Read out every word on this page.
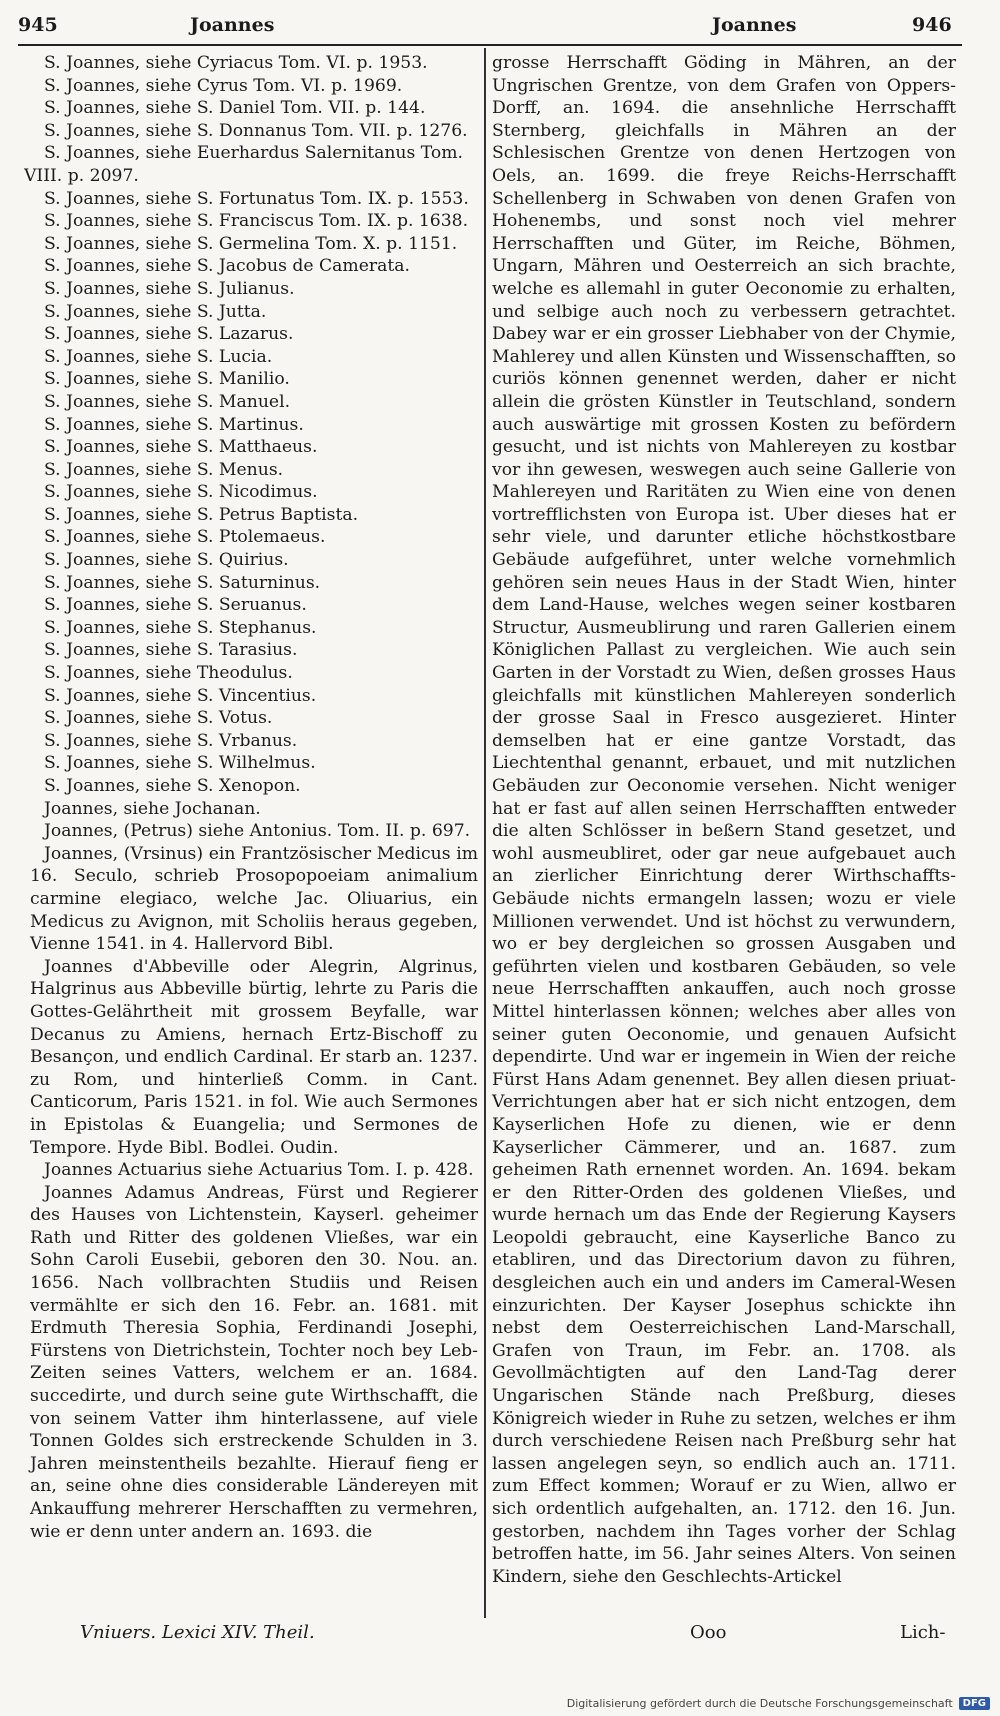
945	Joannes	Joannes	946

S. Joannes, siehe Cyriacus Tom. VI. p. 1953.

S. Joannes, siehe Cyrus Tom. VI. p. 1969.

S. Joannes, siehe S. Daniel Tom. VII. p. 144.

S. Joannes, siehe S. Donnanus Tom. VII. p. 1276.

S. Joannes, siehe Euerhardus Salernitanus Tom.

VIII. p. 2097.

S. Joannes, siehe S. Fortunatus Tom. IX. p. 1553.

S. Joannes, siehe S. Franciscus Tom. IX. p. 1638.

S. Joannes, siehe S. Germelina Tom. X. p. 1151.

S. Joannes, siehe S. Jacobus de Camerata.

S. Joannes, siehe S. Julianus.

S. Joannes, siehe S. Jutta.

S. Joannes, siehe S. Lazarus.

S. Joannes, siehe S. Lucia.

S. Joannes, siehe S. Manilio.

S. Joannes, siehe S. Manuel.

S. Joannes, siehe S. Martinus.

S. Joannes, siehe S. Matthaeus.

S. Joannes, siehe S. Menus.

S. Joannes, siehe S. Nicodimus.

S. Joannes, siehe S. Petrus Baptista.

S. Joannes, siehe S. Ptolemaeus.

S. Joannes, siehe S. Quirius.

S. Joannes, siehe S. Saturninus.

S. Joannes, siehe S. Seruanus.

S. Joannes, siehe S. Stephanus.

S. Joannes, siehe S. Tarasius.

S. Joannes, siehe Theodulus.

S. Joannes, siehe S. Vincentius.

S. Joannes, siehe S. Votus.

S. Joannes, siehe S. Vrbanus.

S. Joannes, siehe S. Wilhelmus.

S. Joannes, siehe S. Xenopon.

Joannes, siehe Jochanan.

Joannes, (Petrus) siehe Antonius. Tom. II. p. 697.

Joannes, (Vrsinus) ein Frantzösischer Medicus im 16. Seculo, schrieb Prosopopoeiam animalium carmine elegiaco, welche Jac. Oliuarius, ein Medicus zu Avignon, mit Scholiis heraus gegeben, Vienne 1541. in 4. Hallervord Bibl.

Joannes d'Abbeville oder Alegrin, Algrinus, Halgrinus aus Abbeville bürtig, lehrte zu Paris die Gottes-Gelährtheit mit grossem Beyfalle, war Decanus zu Amiens, hernach Ertz-Bischoff zu Besançon, und endlich Cardinal. Er starb an. 1237. zu Rom, und hinterließ Comm. in Cant. Canticorum, Paris 1521. in fol. Wie auch Sermones in Epistolas & Euangelia; und Sermones de Tempore. Hyde Bibl. Bodlei. Oudin.

Joannes Actuarius siehe Actuarius Tom. I. p. 428.

Joannes Adamus Andreas, Fürst und Regierer des Hauses von Lichtenstein, Kayserl. geheimer Rath und Ritter des goldenen Vließes, war ein Sohn Caroli Eusebii, geboren den 30. Nou. an. 1656. Nach vollbrachten Studiis und Reisen vermählte er sich den 16. Febr. an. 1681. mit Erdmuth Theresia Sophia, Ferdinandi Josephi, Fürstens von Dietrichstein, Tochter noch bey Leb-Zeiten seines Vatters, welchem er an. 1684. succedirte, und durch seine gute Wirthschafft, die von seinem Vatter ihm hinterlassene, auf viele Tonnen Goldes sich erstreckende Schulden in 3. Jahren meinstentheils bezahlte. Hierauf fieng er an, seine ohne dies considerable Ländereyen mit Ankauffung mehrerer Herschafften zu vermehren, wie er denn unter andern an. 1693. die

grosse Herrschafft Göding in Mähren, an der Ungrischen Grentze, von dem Grafen von Oppers-Dorff, an. 1694. die ansehnliche Herrschafft Sternberg, gleichfalls in Mähren an der Schlesischen Grentze von denen Hertzogen von Oels, an. 1699. die freye Reichs-Herrschafft Schellenberg in Schwaben von denen Grafen von Hohenembs, und sonst noch viel mehrer Herrschafften und Güter, im Reiche, Böhmen, Ungarn, Mähren und Oesterreich an sich brachte, welche es allemahl in guter Oeconomie zu erhalten, und selbige auch noch zu verbessern getrachtet. Dabey war er ein grosser Liebhaber von der Chymie, Mahlerey und allen Künsten und Wissenschafften, so curiös können genennet werden, daher er nicht allein die grösten Künstler in Teutschland, sondern auch auswärtige mit grossen Kosten zu befördern gesucht, und ist nichts von Mahlereyen zu kostbar vor ihn gewesen, weswegen auch seine Gallerie von Mahlereyen und Raritäten zu Wien eine von denen vortrefflichsten von Europa ist. Uber dieses hat er sehr viele, und darunter etliche höchstkostbare Gebäude aufgeführet, unter welche vornehmlich gehören sein neues Haus in der Stadt Wien, hinter dem Land-Hause, welches wegen seiner kostbaren Structur, Ausmeublirung und raren Gallerien einem Königlichen Pallast zu vergleichen. Wie auch sein Garten in der Vorstadt zu Wien, deßen grosses Haus gleichfalls mit künstlichen Mahlereyen sonderlich der grosse Saal in Fresco ausgezieret. Hinter demselben hat er eine gantze Vorstadt, das Liechtenthal genannt, erbauet, und mit nutzlichen Gebäuden zur Oeconomie versehen. Nicht weniger hat er fast auf allen seinen Herrschafften entweder die alten Schlösser in beßern Stand gesetzet, und wohl ausmeubliret, oder gar neue aufgebauet auch an zierlicher Einrichtung derer Wirthschaffts-Gebäude nichts ermangeln lassen; wozu er viele Millionen verwendet. Und ist höchst zu verwundern, wo er bey dergleichen so grossen Ausgaben und geführten vielen und kostbaren Gebäuden, so vele neue Herrschafften ankauffen, auch noch grosse Mittel hinterlassen können; welches aber alles von seiner guten Oeconomie, und genauen Aufsicht dependirte. Und war er ingemein in Wien der reiche Fürst Hans Adam genennet. Bey allen diesen priuat-Verrichtungen aber hat er sich nicht entzogen, dem Kayserlichen Hofe zu dienen, wie er denn Kayserlicher Cämmerer, und an. 1687. zum geheimen Rath ernennet worden. An. 1694. bekam er den Ritter-Orden des goldenen Vließes, und wurde hernach um das Ende der Regierung Kaysers Leopoldi gebraucht, eine Kayserliche Banco zu etabliren, und das Directorium davon zu führen, desgleichen auch ein und anders im Cameral-Wesen einzurichten. Der Kayser Josephus schickte ihn nebst dem Oesterreichischen Land-Marschall, Grafen von Traun, im Febr. an. 1708. als Gevollmächtigten auf den Land-Tag derer Ungarischen Stände nach Preßburg, dieses Königreich wieder in Ruhe zu setzen, welches er ihm durch verschiedene Reisen nach Preßburg sehr hat lassen angelegen seyn, so endlich auch an. 1711. zum Effect kommen; Worauf er zu Wien, allwo er sich ordentlich aufgehalten, an. 1712. den 16. Jun. gestorben, nachdem ihn Tages vorher der Schlag betroffen hatte, im 56. Jahr seines Alters. Von seinen Kindern, siehe den Geschlechts-Artickel

Vniuers. Lexici XIV. Theil.	Ooo	Lich-
Digitalisierung gefördert durch die Deutsche Forschungsgemeinschaft	DFG
